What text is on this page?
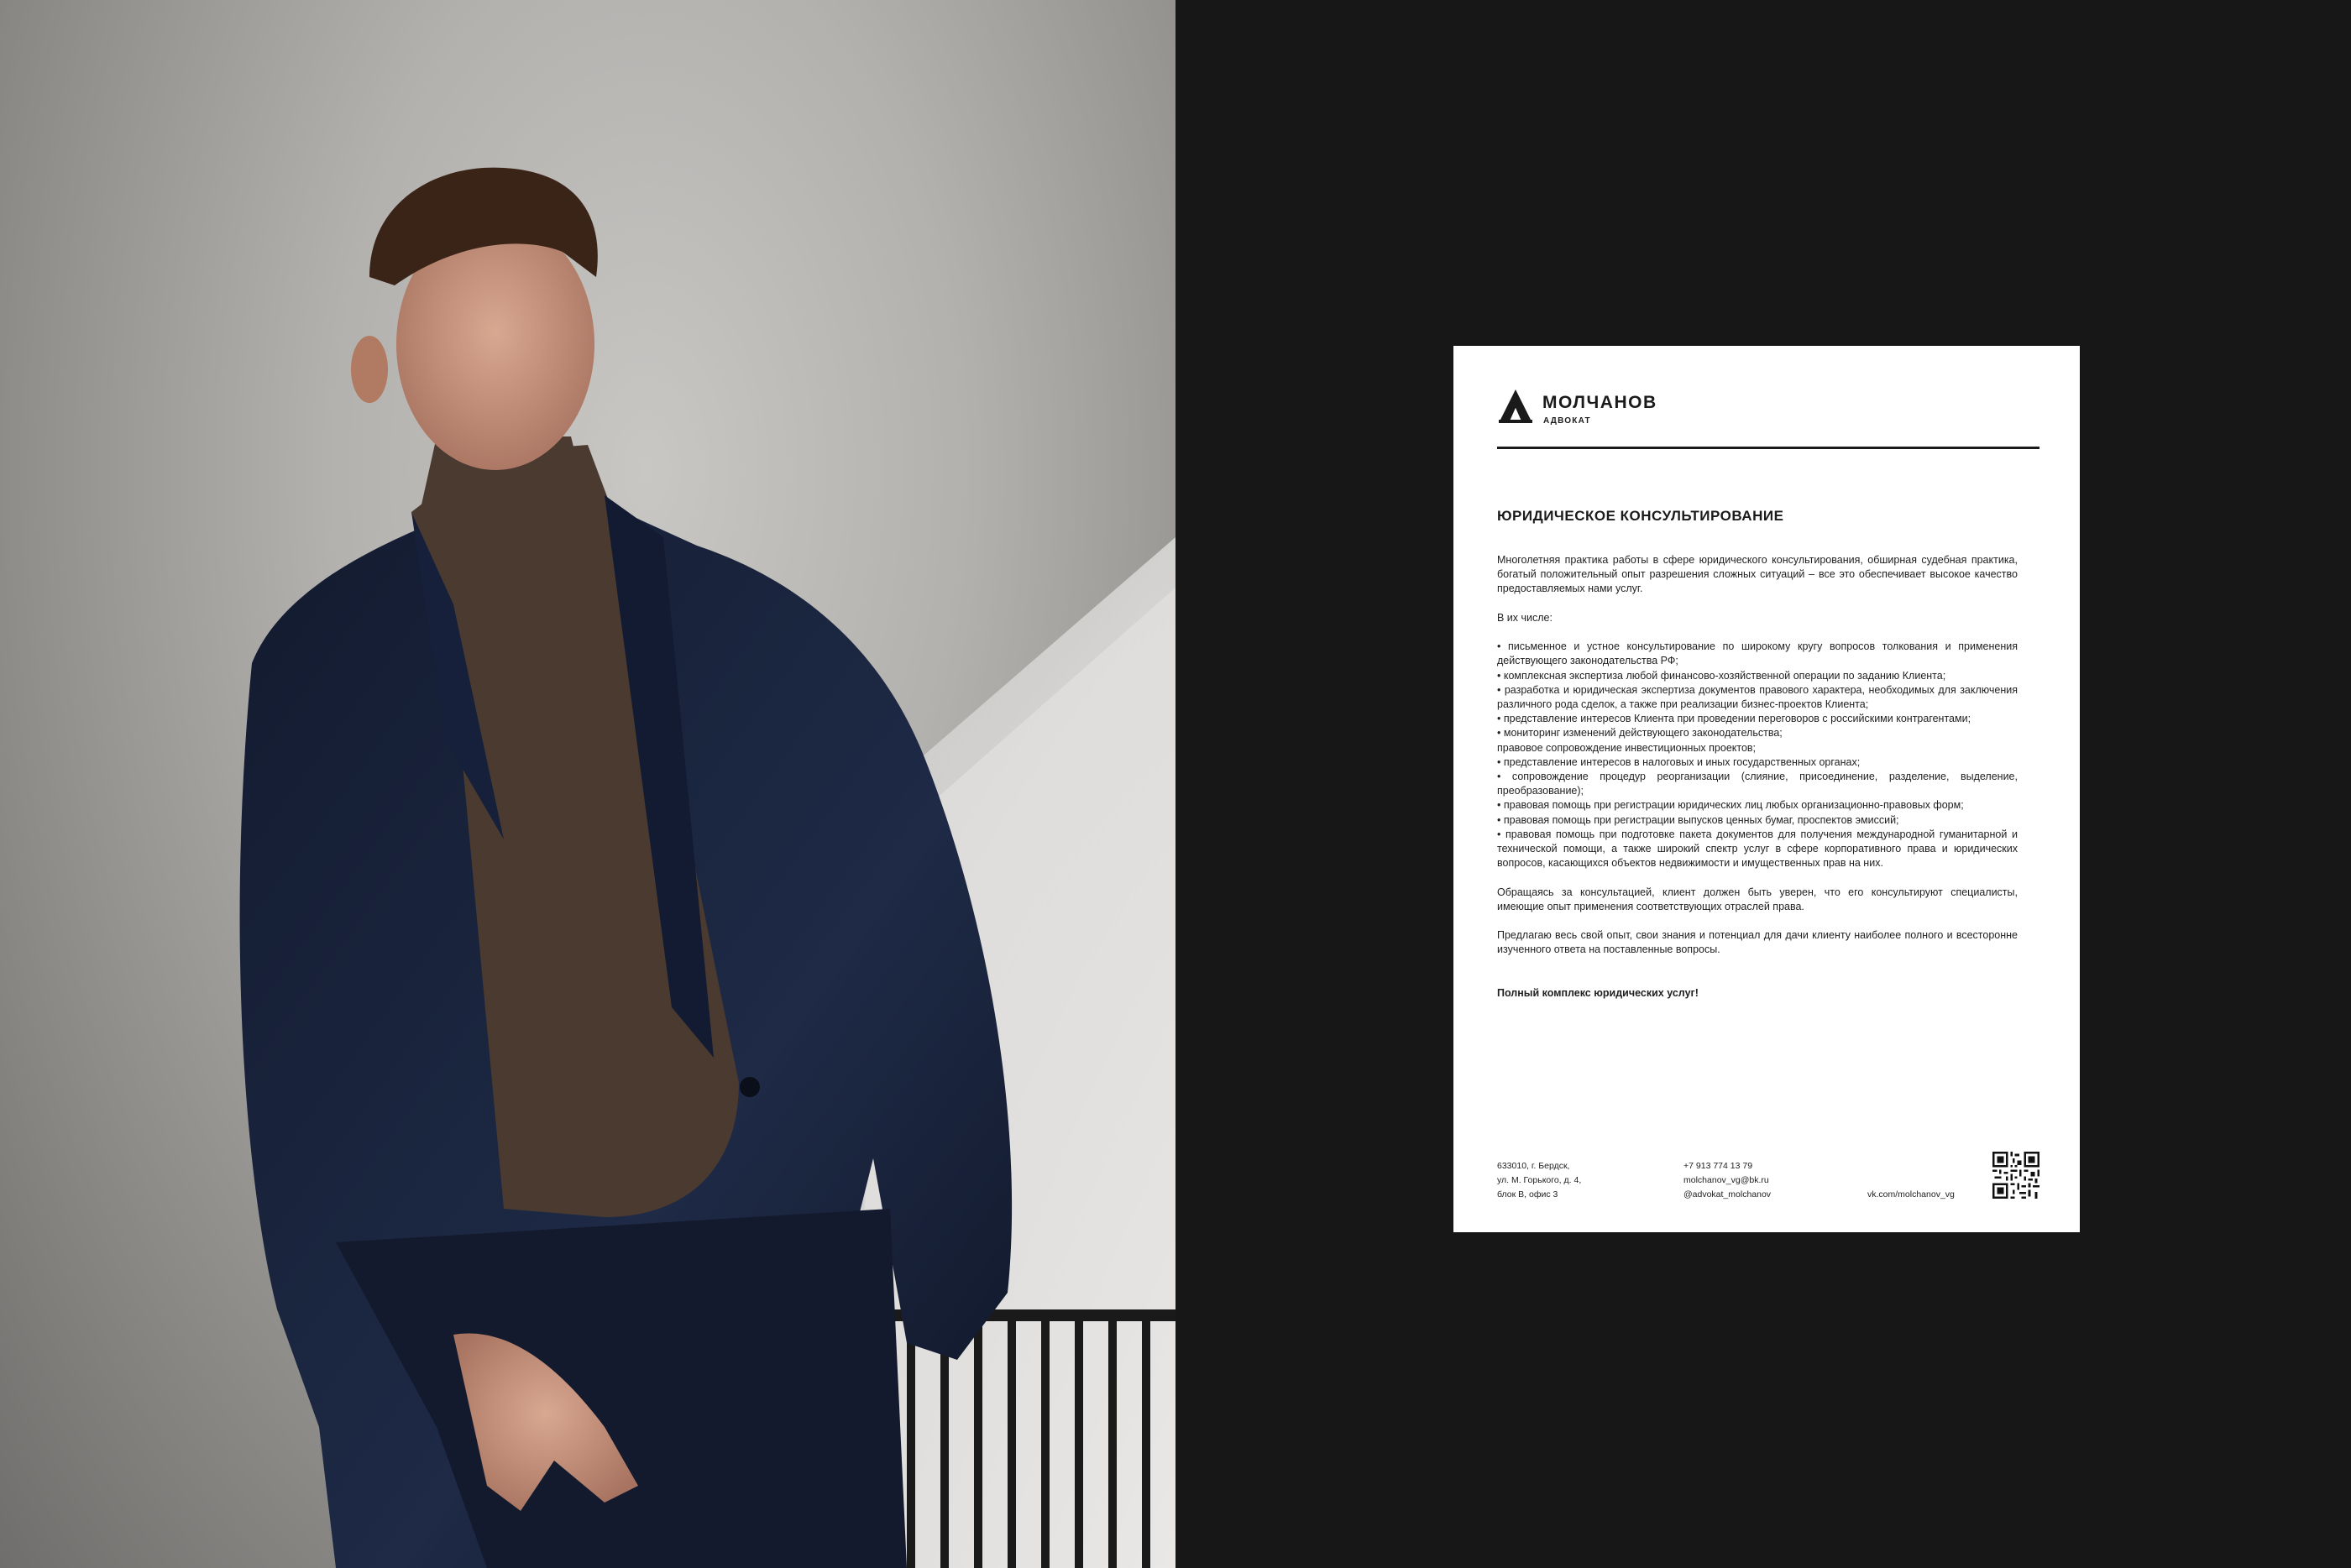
МОЛЧАНОВ
АДВОКАТ
ЮРИДИЧЕСКОЕ КОНСУЛЬТИРОВАНИЕ

Многолетняя практика работы в сфере юридического консультирования, обширная судебная практика, богатый положительный опыт разрешения сложных ситуаций – все это обеспечивает высокое качество предоставляемых нами услуг.

В их числе:

• письменное и устное консультирование по широкому кругу вопросов толкования и применения действующего законодательства РФ;

• комплексная экспертиза любой финансово-хозяйственной операции по заданию Клиента;

• разработка и юридическая экспертиза документов правового характера, необходимых для заключения различного рода сделок, а также при реализации бизнес-проектов Клиента;

• представление интересов Клиента при проведении переговоров с российскими контрагентами;

• мониторинг изменений действующего законодательства;

правовое сопровождение инвестиционных проектов;

• представление интересов в налоговых и иных государственных органах;

• сопровождение процедур реорганизации (слияние, присоединение, разделение, выделение, преобразование);

• правовая помощь при регистрации юридических лиц любых организационно-правовых форм;

• правовая помощь при регистрации выпусков ценных бумаг, проспектов эмиссий;

• правовая помощь при подготовке пакета документов для получения международной гуманитарной и технической помощи, а также широкий спектр услуг в сфере корпоративного права и юридических вопросов, касающихся объектов недвижимости и имущественных прав на них.

Обращаясь за консультацией, клиент должен быть уверен, что его консультируют специалисты, имеющие опыт применения соответствующих отраслей права.

Предлагаю весь свой опыт, свои знания и потенциал для дачи клиенту наиболее полного и всесторонне изученного ответа на поставленные вопросы.

Полный комплекс юридических услуг!

633010, г. Бердск,
ул. М. Горького, д. 4,
блок В, офис 3
+7 913 774 13 79
molchanov_vg@bk.ru
@advokat_molchanov	vk.com/molchanov_vg
